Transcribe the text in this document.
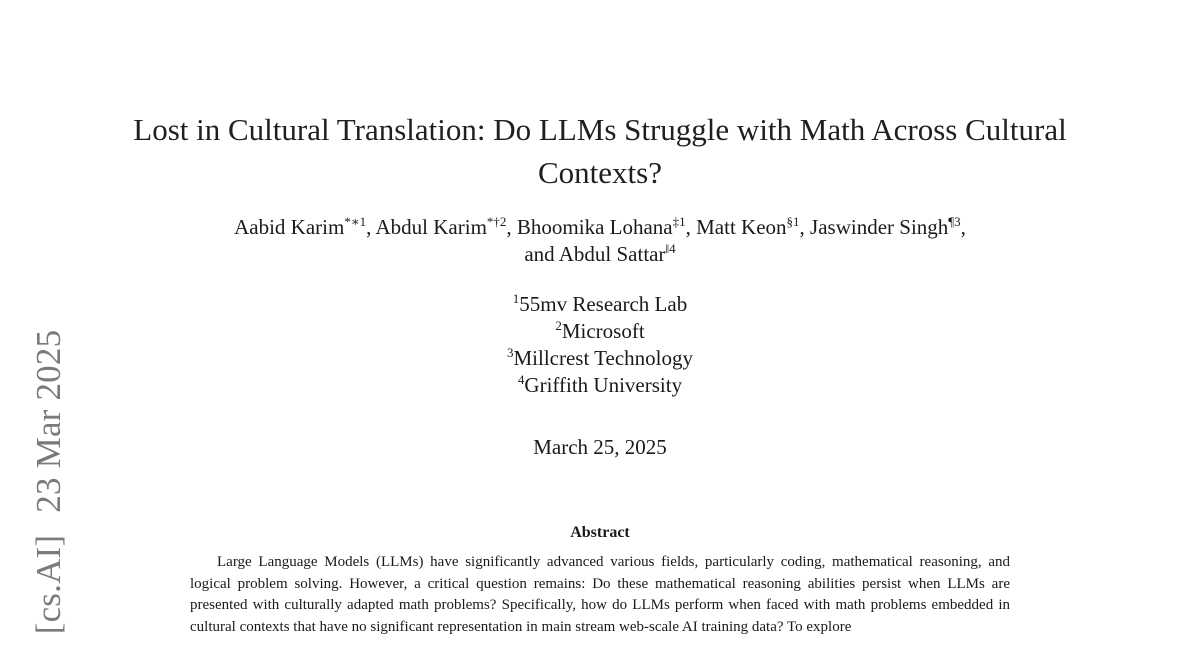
[cs.AI]23 Mar 2025
Lost in Cultural Translation: Do LLMs Struggle with Math Across Cultural Contexts?
Aabid Karim$^{*∗1}$, Abdul Karim$^{*\dagger 2}$, Bhoomika Lohana$^{\ddagger 1}$, Matt Keon$^{\S 1}$, Jaswinder Singh$^{\P 3}$,
and Abdul Sattar$^{‖4}$
$^1$55mv Research Lab
$^2$Microsoft
$^3$Millcrest Technology
$^4$Griffith University
March 25, 2025
Abstract
Large Language Models (LLMs) have significantly advanced various fields, particularly coding, mathematical reasoning, and logical problem solving. However, a critical question remains: Do these mathematical reasoning abilities persist when LLMs are presented with culturally adapted math problems? Specifically, how do LLMs perform when faced with math problems embedded in cultural contexts that have no significant representation in main stream web-scale AI training data? To explore
